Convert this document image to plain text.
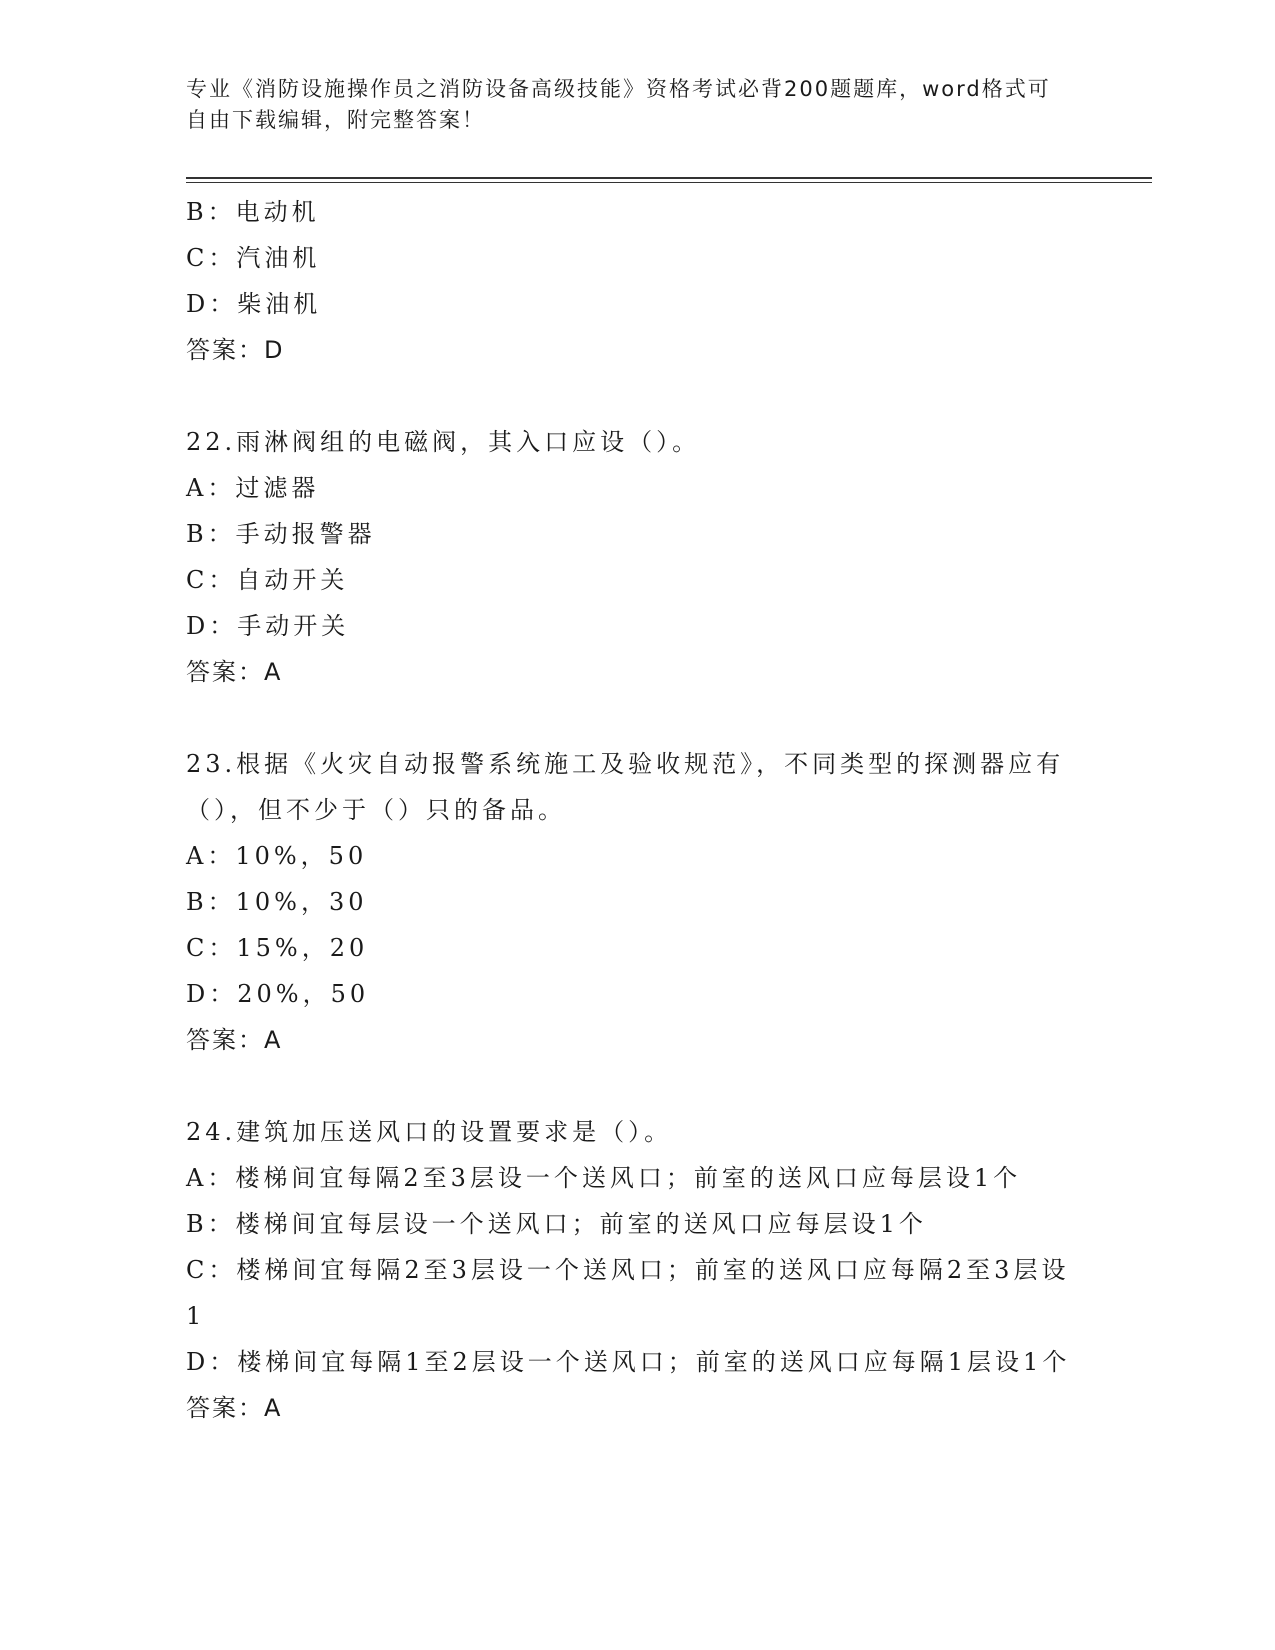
专业《消防设施操作员之消防设备高级技能》资格考试必背200题题库，word格式可自由下载编辑，附完整答案！
B：电动机
C：汽油机
D：柴油机
答案：D
22.雨淋阀组的电磁阀，其入口应设（）。
A：过滤器
B：手动报警器
C：自动开关
D：手动开关
答案：A
23.根据《火灾自动报警系统施工及验收规范》，不同类型的探测器应有（），但不少于（）只的备品。
A：10%，50
B：10%，30
C：15%，20
D：20%，50
答案：A
24.建筑加压送风口的设置要求是（）。
A：楼梯间宜每隔2至3层设一个送风口；前室的送风口应每层设1个
B：楼梯间宜每层设一个送风口；前室的送风口应每层设1个
C：楼梯间宜每隔2至3层设一个送风口；前室的送风口应每隔2至3层设1
D：楼梯间宜每隔1至2层设一个送风口；前室的送风口应每隔1层设1个
答案：A
